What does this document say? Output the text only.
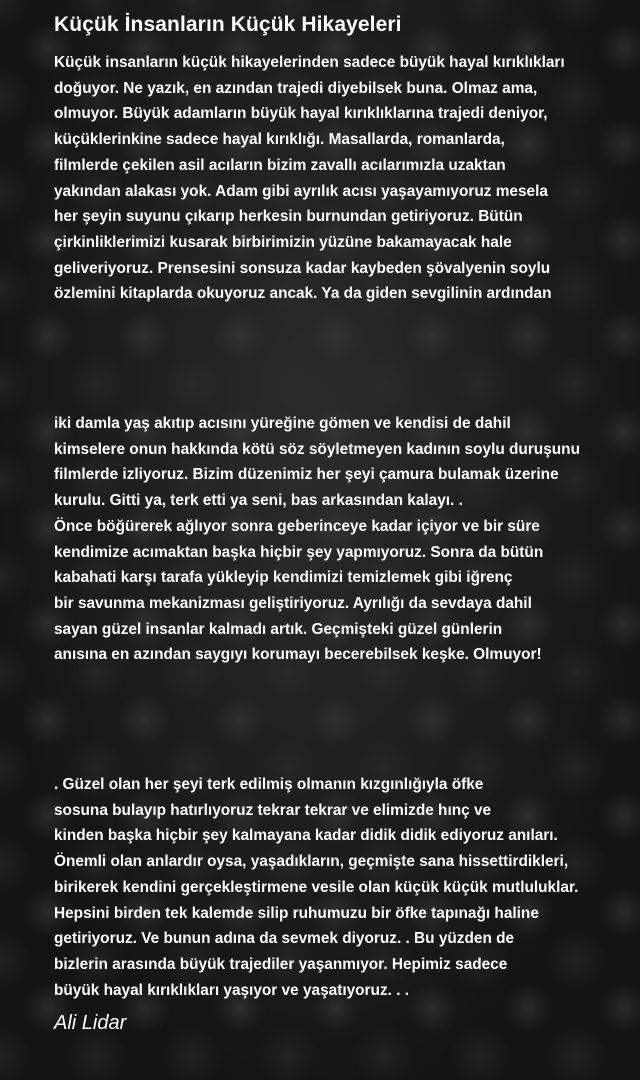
Küçük İnsanların Küçük Hikayeleri

Küçük insanların küçük hikayelerinden sadece büyük hayal kırıklıkları
doğuyor. Ne yazık, en azından trajedi diyebilsek buna. Olmaz ama,
olmuyor. Büyük adamların büyük hayal kırıklıklarına trajedi deniyor,
küçüklerinkine sadece hayal kırıklığı. Masallarda, romanlarda,
filmlerde çekilen asil acıların bizim zavallı acılarımızla uzaktan
yakından alakası yok. Adam gibi ayrılık acısı yaşayamıyoruz mesela
her şeyin suyunu çıkarıp herkesin burnundan getiriyoruz. Bütün
çirkinliklerimizi kusarak birbirimizin yüzüne bakamayacak hale
geliveriyoruz. Prensesini sonsuza kadar kaybeden şövalyenin soylu
özlemini kitaplarda okuyoruz ancak. Ya da giden sevgilinin ardından

iki damla yaş akıtıp acısını yüreğine gömen ve kendisi de dahil
kimselere onun hakkında kötü söz söyletmeyen kadının soylu duruşunu
filmlerde izliyoruz. Bizim düzenimiz her şeyi çamura bulamak üzerine
kurulu. Gitti ya, terk etti ya seni, bas arkasından kalayı. .
Önce böğürerek ağlıyor sonra geberinceye kadar içiyor ve bir süre
kendimize acımaktan başka hiçbir şey yapmıyoruz. Sonra da bütün
kabahati karşı tarafa yükleyip kendimizi temizlemek gibi iğrenç
bir savunma mekanizması geliştiriyoruz. Ayrılığı da sevdaya dahil
sayan güzel insanlar kalmadı artık. Geçmişteki güzel günlerin
anısına en azından saygıyı korumayı becerebilsek keşke. Olmuyor!

. Güzel olan her şeyi terk edilmiş olmanın kızgınlığıyla öfke
sosuna bulayıp hatırlıyoruz tekrar tekrar ve elimizde hınç ve
kinden başka hiçbir şey kalmayana kadar didik didik ediyoruz anıları.
Önemli olan anlardır oysa, yaşadıkların, geçmişte sana hissettirdikleri,
birikerek kendini gerçekleştirmene vesile olan küçük küçük mutluluklar.
Hepsini birden tek kalemde silip ruhumuzu bir öfke tapınağı haline
getiriyoruz. Ve bunun adına da sevmek diyoruz. . Bu yüzden de
bizlerin arasında büyük trajediler yaşanmıyor. Hepimiz sadece
büyük hayal kırıklıkları yaşıyor ve yaşatıyoruz. . .

Ali Lidar
